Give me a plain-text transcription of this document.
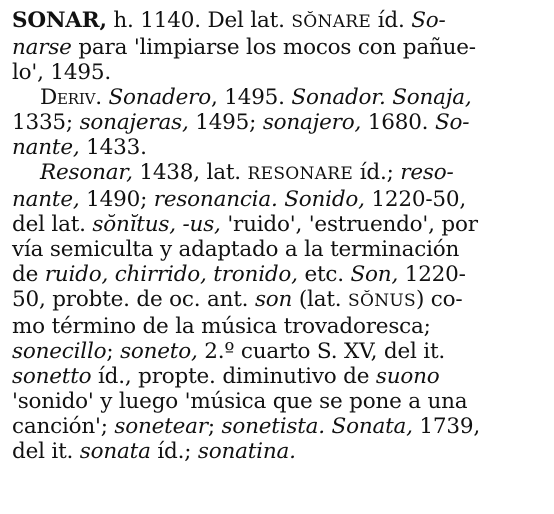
SONAR, h. 1140. Del lat. SŎNARE íd. So-
narse para 'limpiarse los mocos con pañue-
lo', 1495.
Deriv. Sonadero, 1495. Sonador. Sonaja,
1335; sonajeras, 1495; sonajero, 1680. So-
nante, 1433.
Resonar, 1438, lat. RESONARE íd.; reso-
nante, 1490; resonancia. Sonido, 1220-50,
del lat. sŏnĭtus, -us, 'ruido', 'estruendo', por
vía semiculta y adaptado a la terminación
de ruido, chirrido, tronido, etc. Son, 1220-
50, probte. de oc. ant. son (lat. SŎNUS) co-
mo término de la música trovadoresca;
sonecillo; soneto, 2.º cuarto S. XV, del it.
sonetto íd., propte. diminutivo de suono
'sonido' y luego 'música que se pone a una
canción'; sonetear; sonetista. Sonata, 1739,
del it. sonata íd.; sonatina.
